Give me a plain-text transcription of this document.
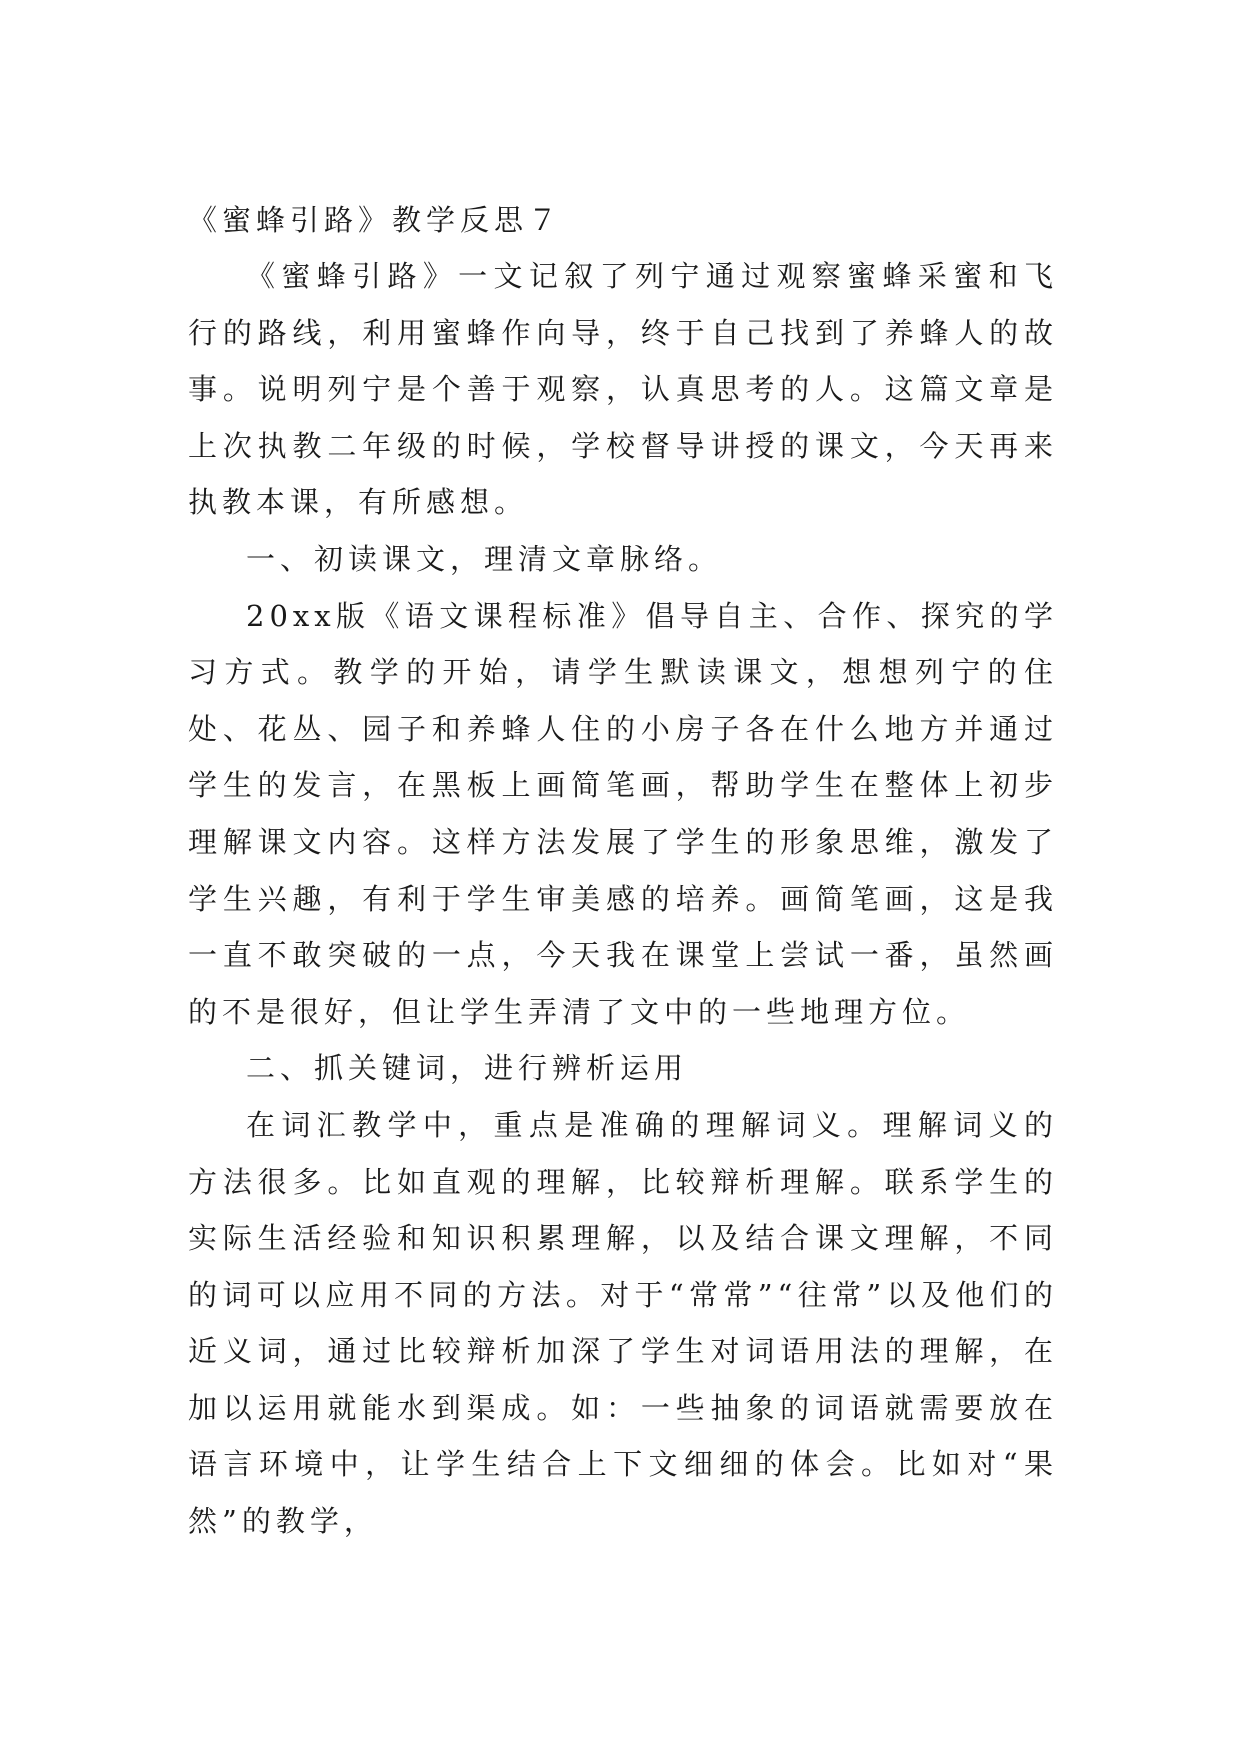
《蜜蜂引路》教学反思７

《蜜蜂引路》一文记叙了列宁通过观察蜜蜂采蜜和飞行的路线，利用蜜蜂作向导，终于自己找到了养蜂人的故事。说明列宁是个善于观察，认真思考的人。这篇文章是上次执教二年级的时候，学校督导讲授的课文，今天再来执教本课，有所感想。

一、初读课文，理清文章脉络。

20xx版《语文课程标准》倡导自主、合作、探究的学习方式。教学的开始，请学生默读课文，想想列宁的住处、花丛、园子和养蜂人住的小房子各在什么地方并通过学生的发言，在黑板上画简笔画，帮助学生在整体上初步理解课文内容。这样方法发展了学生的形象思维，激发了学生兴趣，有利于学生审美感的培养。画简笔画，这是我一直不敢突破的一点，今天我在课堂上尝试一番，虽然画的不是很好，但让学生弄清了文中的一些地理方位。

二、抓关键词，进行辨析运用

在词汇教学中，重点是准确的理解词义。理解词义的方法很多。比如直观的理解，比较辩析理解。联系学生的实际生活经验和知识积累理解，以及结合课文理解，不同的词可以应用不同的方法。对于“常常”“往常”以及他们的近义词，通过比较辩析加深了学生对词语用法的理解，在加以运用就能水到渠成。如：一些抽象的词语就需要放在语言环境中，让学生结合上下文细细的体会。比如对“果然”的教学，
